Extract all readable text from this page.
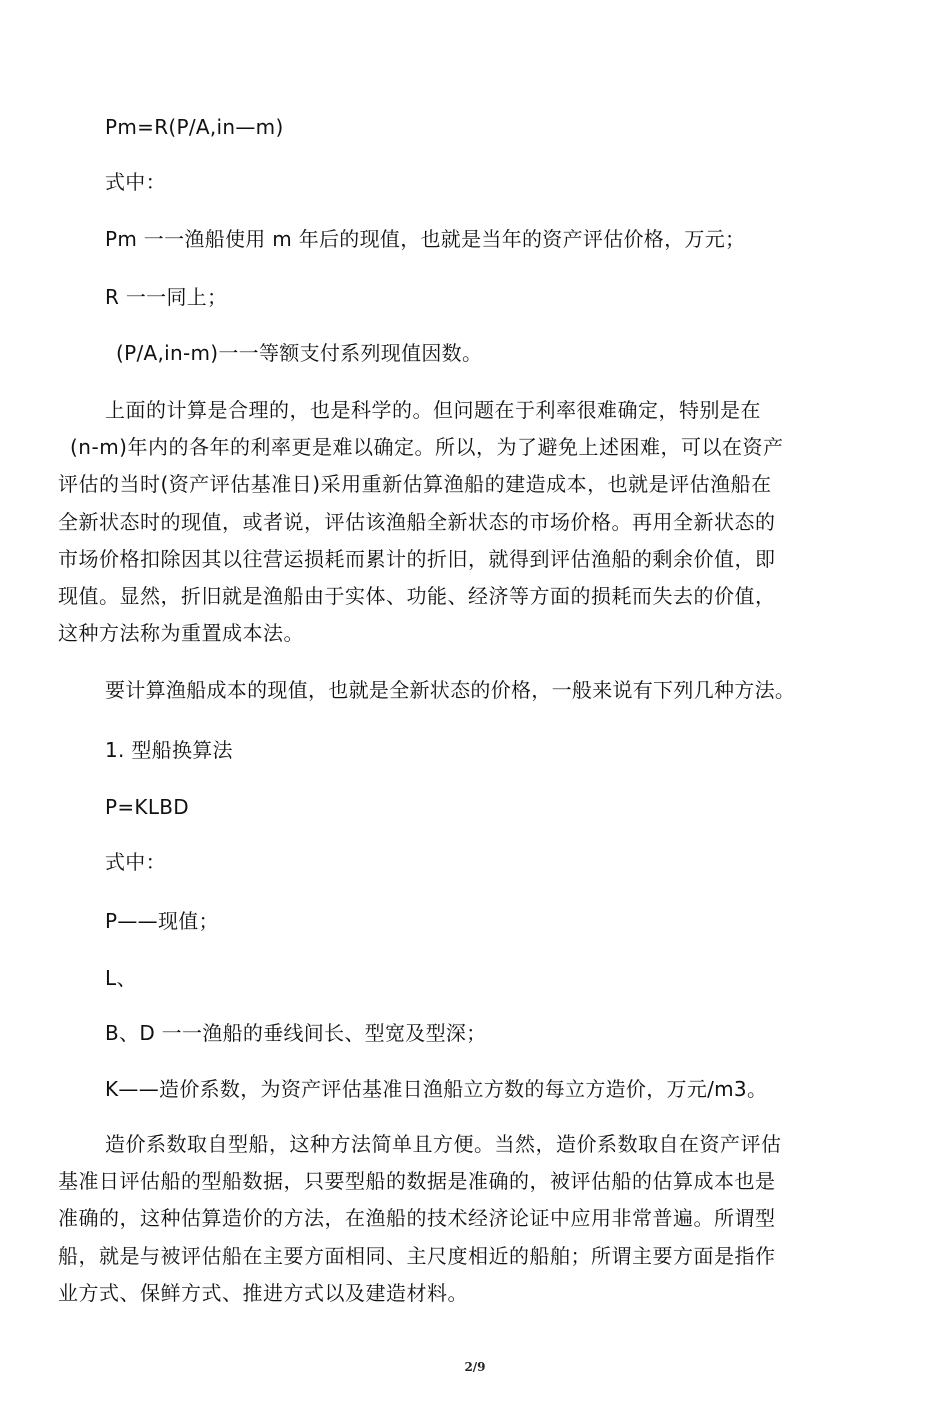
Pm=R(P/A,in—m)
式中：
Pm 一一渔船使用 m 年后的现值，也就是当年的资产评估价格，万元；
R 一一同上；
(P/A,in-m)一一等额支付系列现值因数。
上面的计算是合理的，也是科学的。但问题在于利率很难确定，特别是在
(n-m)年内的各年的利率更是难以确定。所以，为了避免上述困难，可以在资产
评估的当时(资产评估基准日)采用重新估算渔船的建造成本，也就是评估渔船在
全新状态时的现值，或者说，评估该渔船全新状态的市场价格。再用全新状态的
市场价格扣除因其以往营运损耗而累计的折旧，就得到评估渔船的剩余价值，即
现值。显然，折旧就是渔船由于实体、功能、经济等方面的损耗而失去的价值，
这种方法称为重置成本法。
要计算渔船成本的现值，也就是全新状态的价格，一般来说有下列几种方法。
1. 型船换算法
P=KLBD
式中：
P——现值；
L、
B、D 一一渔船的垂线间长、型宽及型深；
K——造价系数，为资产评估基准日渔船立方数的每立方造价，万元/m3。
造价系数取自型船，这种方法简单且方便。当然，造价系数取自在资产评估
基准日评估船的型船数据，只要型船的数据是准确的，被评估船的估算成本也是
准确的，这种估算造价的方法，在渔船的技术经济论证中应用非常普遍。所谓型
船，就是与被评估船在主要方面相同、主尺度相近的船舶；所谓主要方面是指作
业方式、保鲜方式、推进方式以及建造材料。
2/9
